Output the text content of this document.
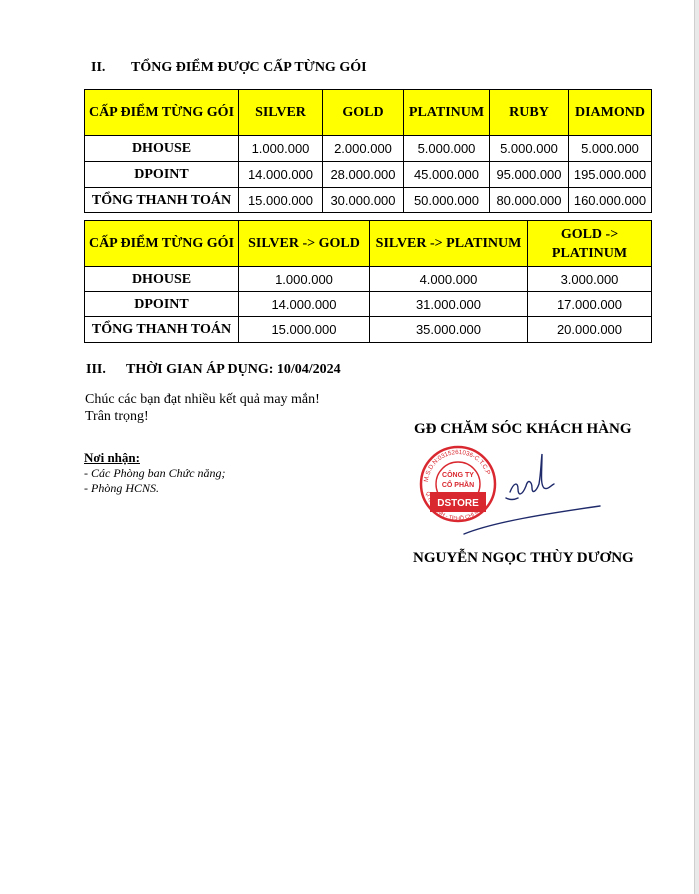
II. TỔNG ĐIỂM ĐƯỢC CẤP TỪNG GÓI
CẤP ĐIỂM TỪNG GÓI	SILVER	GOLD	PLATINUM	RUBY	DIAMOND
DHOUSE	1.000.000	2.000.000	5.000.000	5.000.000	5.000.000
DPOINT	14.000.000	28.000.000	45.000.000	95.000.000	195.000.000
TỔNG THANH TOÁN	15.000.000	30.000.000	50.000.000	80.000.000	160.000.000
CẤP ĐIỂM TỪNG GÓI	SILVER -> GOLD	SILVER -> PLATINUM	GOLD -> PLATINUM
DHOUSE	1.000.000	4.000.000	3.000.000
DPOINT	14.000.000	31.000.000	17.000.000
TỔNG THANH TOÁN	15.000.000	35.000.000	20.000.000
III. THỜI GIAN ÁP DỤNG: 10/04/2024
Chúc các bạn đạt nhiều kết quả may mắn!
Trân trọng!
Nơi nhận:
- Các Phòng ban Chức năng;
- Phòng HCNS.
GĐ CHĂM SÓC KHÁCH HÀNG
CÔNG TY
CỔ PHẦN
DSTORE
M.S.D.N:0315261036-C.T.C.P
Q.TÂN BÌNH - TP.HỒ CHÍ MINH
NGUYỄN NGỌC THÙY DƯƠNG
